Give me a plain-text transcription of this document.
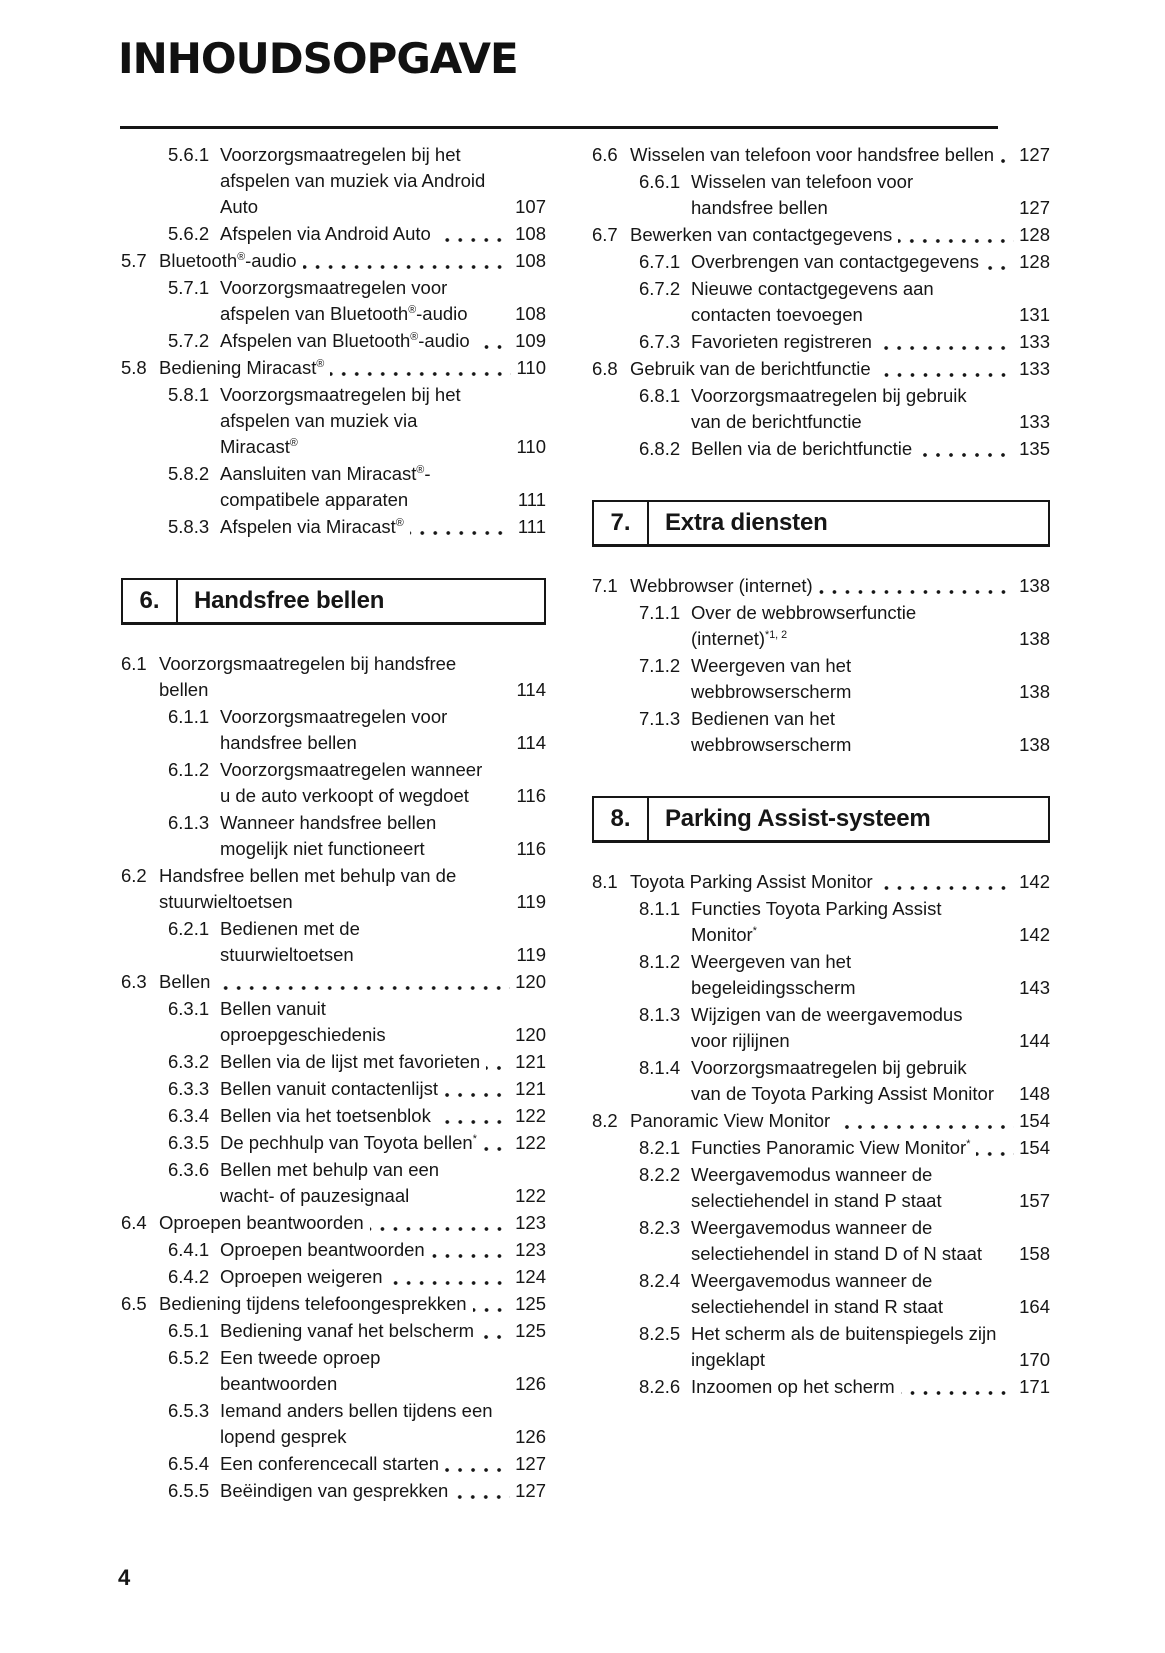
INHOUDSOPGAVE
5.6.1 Voorzorgsmaatregelen bij het afspelen van muziek via Android Auto	107
5.6.2 Afspelen via Android Auto	108
5.7 Bluetooth®-audio	108
5.7.1 Voorzorgsmaatregelen voor afspelen van Bluetooth®-audio	108
5.7.2 Afspelen van Bluetooth®-audio 109
5.8 Bediening Miracast®	110
5.8.1 Voorzorgsmaatregelen bij het afspelen van muziek via Miracast®	110
5.8.2 Aansluiten van Miracast®-compatibele apparaten	111
5.8.3 Afspelen via Miracast®	111
6.	Handsfree bellen
6.1 Voorzorgsmaatregelen bij handsfree bellen	114
6.1.1 Voorzorgsmaatregelen voor handsfree bellen	114
6.1.2 Voorzorgsmaatregelen wanneer u de auto verkoopt of wegdoet	116
6.1.3 Wanneer handsfree bellen mogelijk niet functioneert	116
6.2 Handsfree bellen met behulp van de stuurwieltoetsen	119
6.2.1 Bedienen met de stuurwieltoetsen	119
6.3 Bellen	120
6.3.1 Bellen vanuit oproepgeschiedenis	120
6.3.2 Bellen via de lijst met favorieten 121
6.3.3 Bellen vanuit contactenlijst	121
6.3.4 Bellen via het toetsenblok	122
6.3.5 De pechhulp van Toyota bellen* 122
6.3.6 Bellen met behulp van een wacht- of pauzesignaal	122
6.4 Oproepen beantwoorden	123
6.4.1 Oproepen beantwoorden	123
6.4.2 Oproepen weigeren	124
6.5 Bediening tijdens telefoongesprekken	125
6.5.1 Bediening vanaf het belscherm 125
6.5.2 Een tweede oproep beantwoorden	126
6.5.3 Iemand anders bellen tijdens een lopend gesprek	126
6.5.4 Een conferencecall starten	127
6.5.5 Beëindigen van gesprekken	127
6.6 Wisselen van telefoon voor handsfree bellen 127
6.6.1 Wisselen van telefoon voor handsfree bellen	127
6.7 Bewerken van contactgegevens	128
6.7.1 Overbrengen van contactgegevens 128
6.7.2 Nieuwe contactgegevens aan contacten toevoegen	131
6.7.3 Favorieten registreren	133
6.8 Gebruik van de berichtfunctie	133
6.8.1 Voorzorgsmaatregelen bij gebruik van de berichtfunctie	133
6.8.2 Bellen via de berichtfunctie	135
7.	Extra diensten
7.1 Webbrowser (internet)	138
7.1.1 Over de webbrowserfunctie (internet)$^{*1, 2}$	138
7.1.2 Weergeven van het webbrowserscherm	138
7.1.3 Bedienen van het webbrowserscherm	138
8.	Parking Assist-systeem
8.1 Toyota Parking Assist Monitor	142
8.1.1 Functies Toyota Parking Assist Monitor*	142
8.1.2 Weergeven van het begeleidingsscherm	143
8.1.3 Wijzigen van de weergavemodus voor rijlijnen	144
8.1.4 Voorzorgsmaatregelen bij gebruik van de Toyota Parking Assist Monitor	148
8.2 Panoramic View Monitor	154
8.2.1 Functies Panoramic View Monitor*	154
8.2.2 Weergavemodus wanneer de selectiehendel in stand P staat	157
8.2.3 Weergavemodus wanneer de selectiehendel in stand D of N staat	158
8.2.4 Weergavemodus wanneer de selectiehendel in stand R staat	164
8.2.5 Het scherm als de buitenspiegels zijn ingeklapt	170
8.2.6 Inzoomen op het scherm	171
4
